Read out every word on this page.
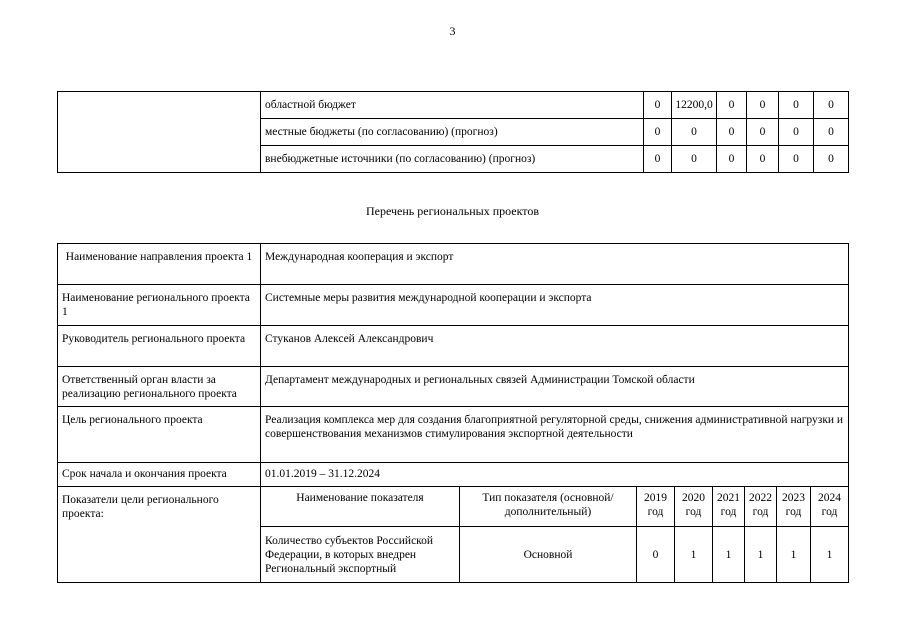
3
	областной бюджет	0	12200,0	0	0	0	0
	местные бюджеты (по согласованию) (прогноз)	0	0	0	0	0	0
	внебюджетные источники (по согласованию) (прогноз)	0	0	0	0	0	0
Перечень региональных проектов
Наименование направления проекта 1	Международная кооперация и экспорт							
Наименование регионального проекта 1	Системные меры развития международной кооперации и экспорта							
Руководитель регионального проекта	Стуканов Алексей Александрович							
Ответственный орган власти за реализацию регионального проекта	Департамент международных и региональных связей Администрации Томской области							
Цель регионального проекта	Реализация комплекса мер для создания благоприятной регуляторной среды, снижения административной нагрузки и совершенствования механизмов стимулирования экспортной деятельности							
Срок начала и окончания проекта	01.01.2019 – 31.12.2024							
Показатели цели регионального проекта:	Наименование показателя	Тип показателя (основной/дополнительный)	2019 год	2020 год	2021 год	2022 год	2023 год	2024 год
	Количество субъектов Российской Федерации, в которых внедрен Региональный экспортный	Основной	0	1	1	1	1	1
